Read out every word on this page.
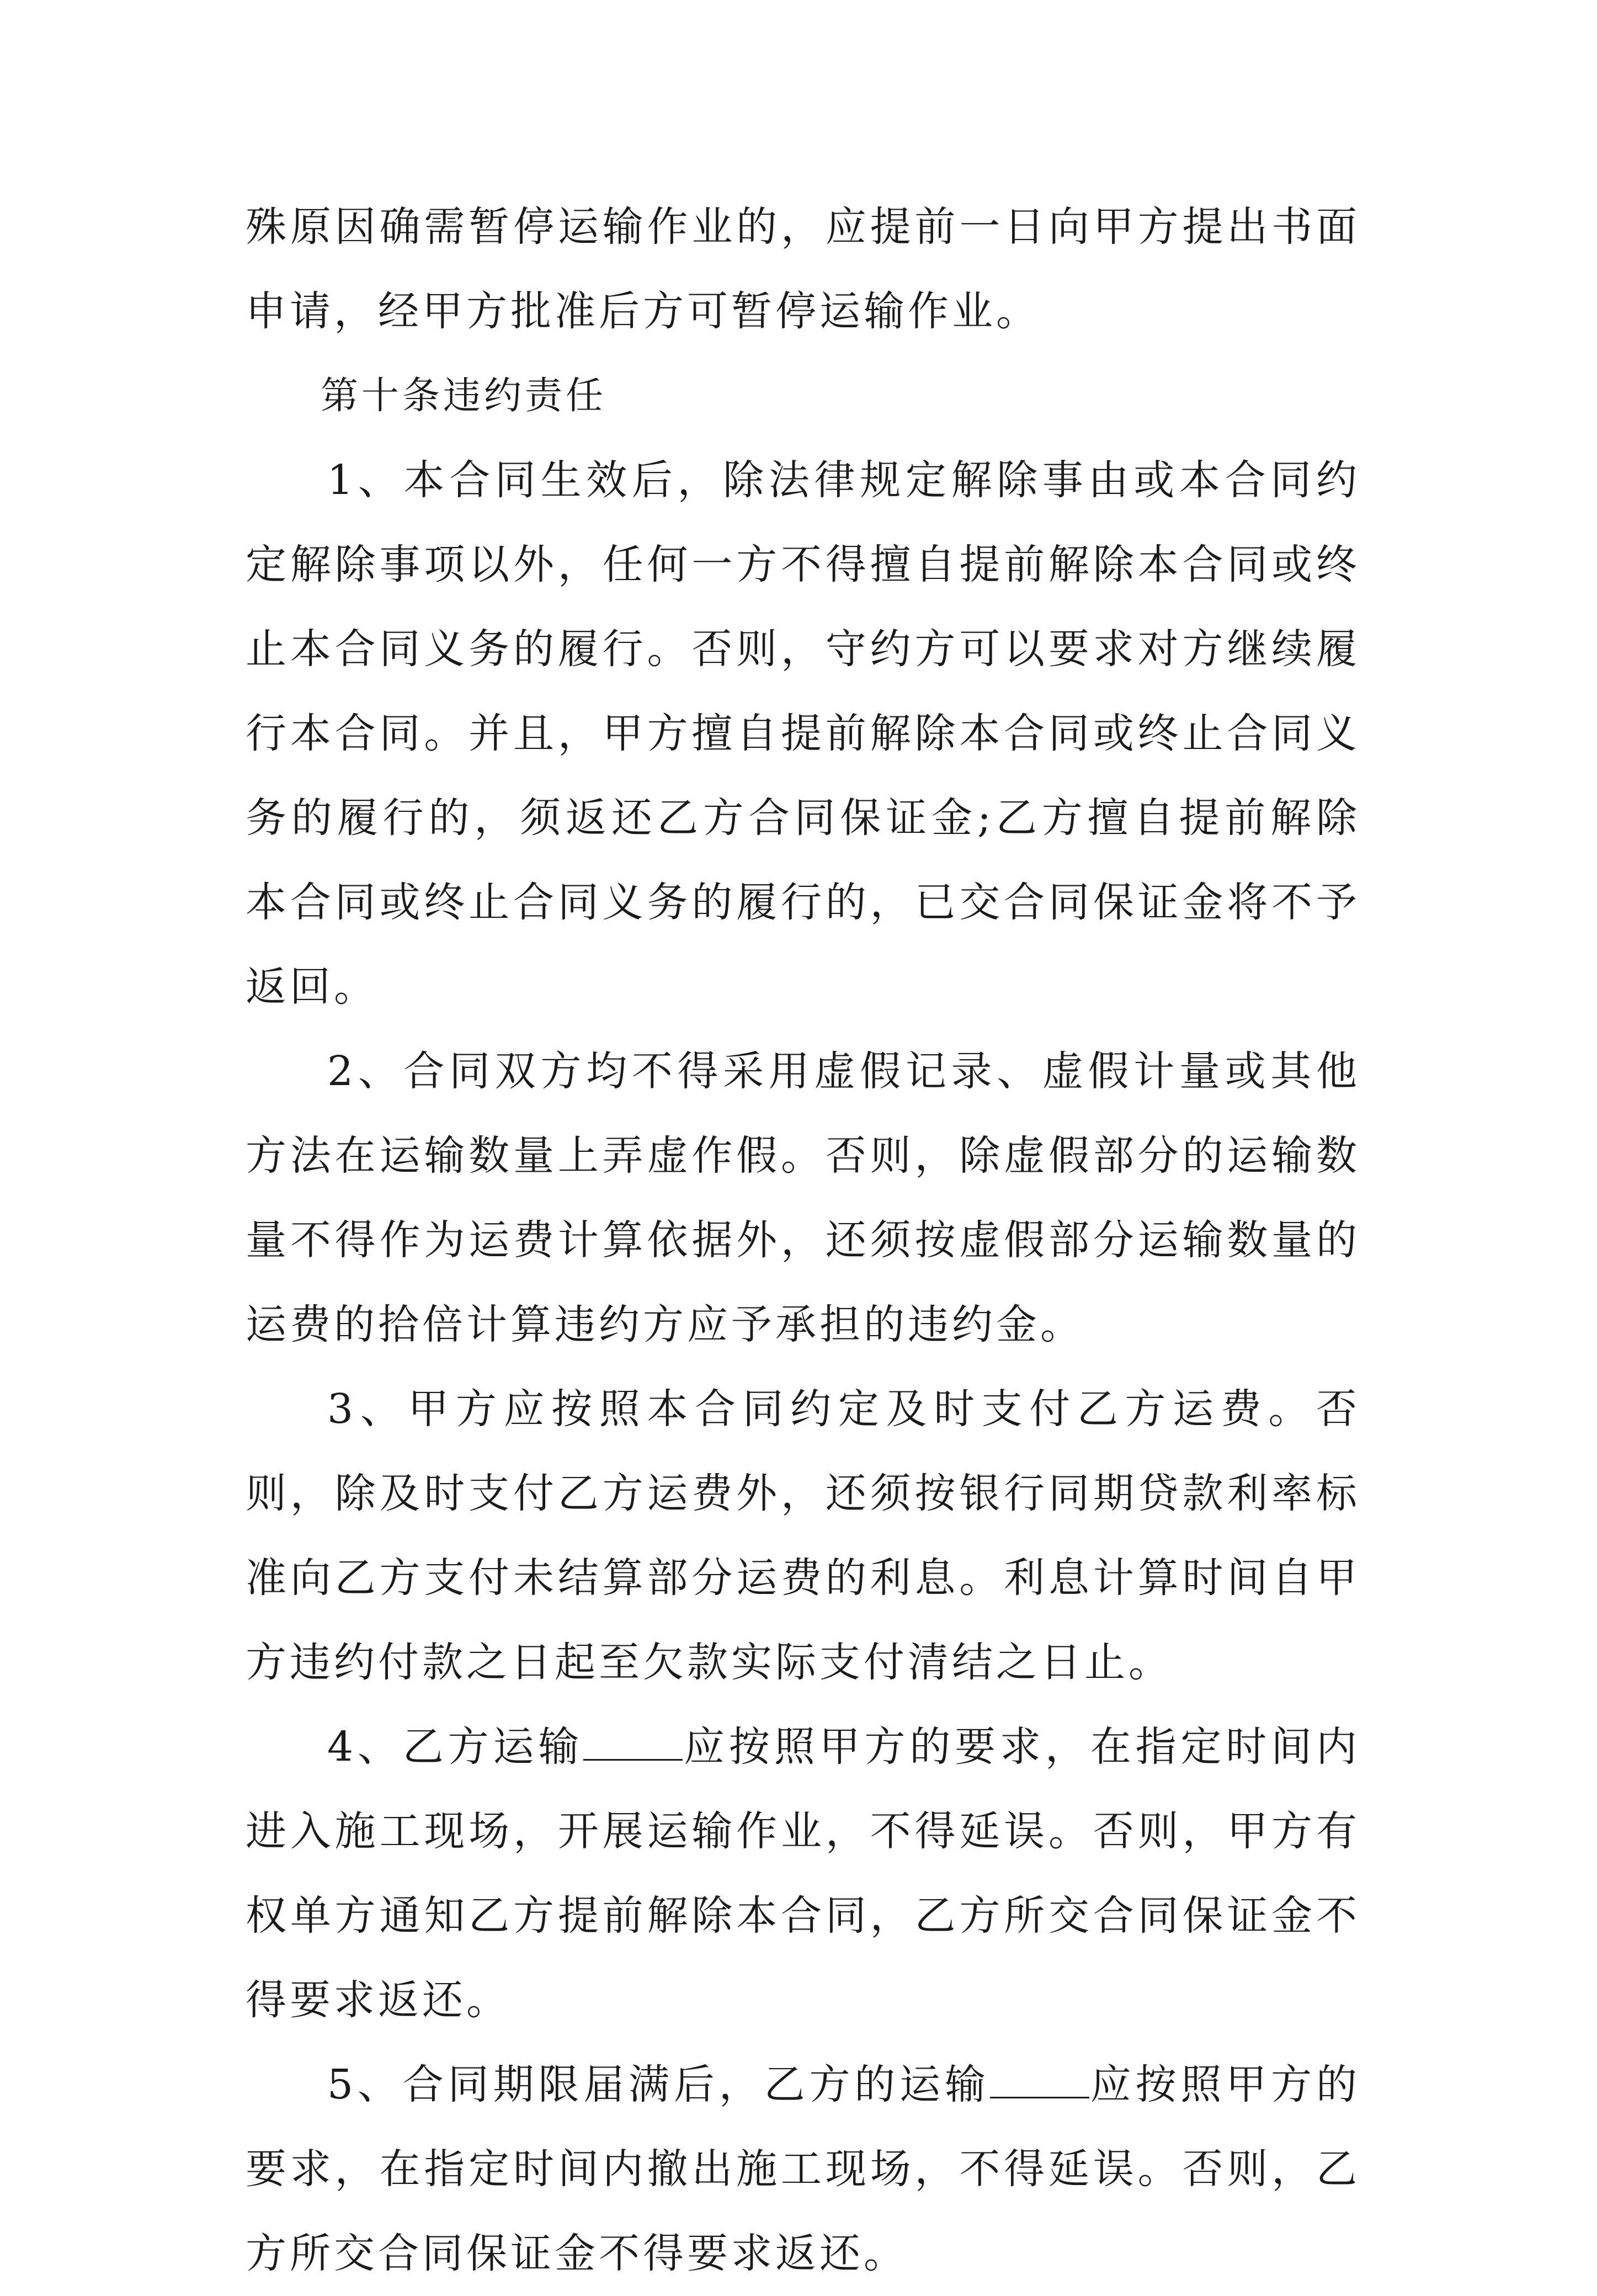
殊原因确需暂停运输作业的，应提前一日向甲方提出书面申请，经甲方批准后方可暂停运输作业。

第十条违约责任

1、本合同生效后，除法律规定解除事由或本合同约定解除事项以外，任何一方不得擅自提前解除本合同或终止本合同义务的履行。否则，守约方可以要求对方继续履行本合同。并且，甲方擅自提前解除本合同或终止合同义务的履行的，须返还乙方合同保证金;乙方擅自提前解除本合同或终止合同义务的履行的，已交合同保证金将不予返回。

2、合同双方均不得采用虚假记录、虚假计量或其他方法在运输数量上弄虚作假。否则，除虚假部分的运输数量不得作为运费计算依据外，还须按虚假部分运输数量的运费的拾倍计算违约方应予承担的违约金。

3、甲方应按照本合同约定及时支付乙方运费。否则，除及时支付乙方运费外，还须按银行同期贷款利率标准向乙方支付未结算部分运费的利息。利息计算时间自甲方违约付款之日起至欠款实际支付清结之日止。

4、乙方运输 应按照甲方的要求，在指定时间内进入施工现场，开展运输作业，不得延误。否则，甲方有权单方通知乙方提前解除本合同，乙方所交合同保证金不得要求返还。

5、合同期限届满后，乙方的运输 应按照甲方的要求，在指定时间内撤出施工现场，不得延误。否则，乙方所交合同保证金不得要求返还。
